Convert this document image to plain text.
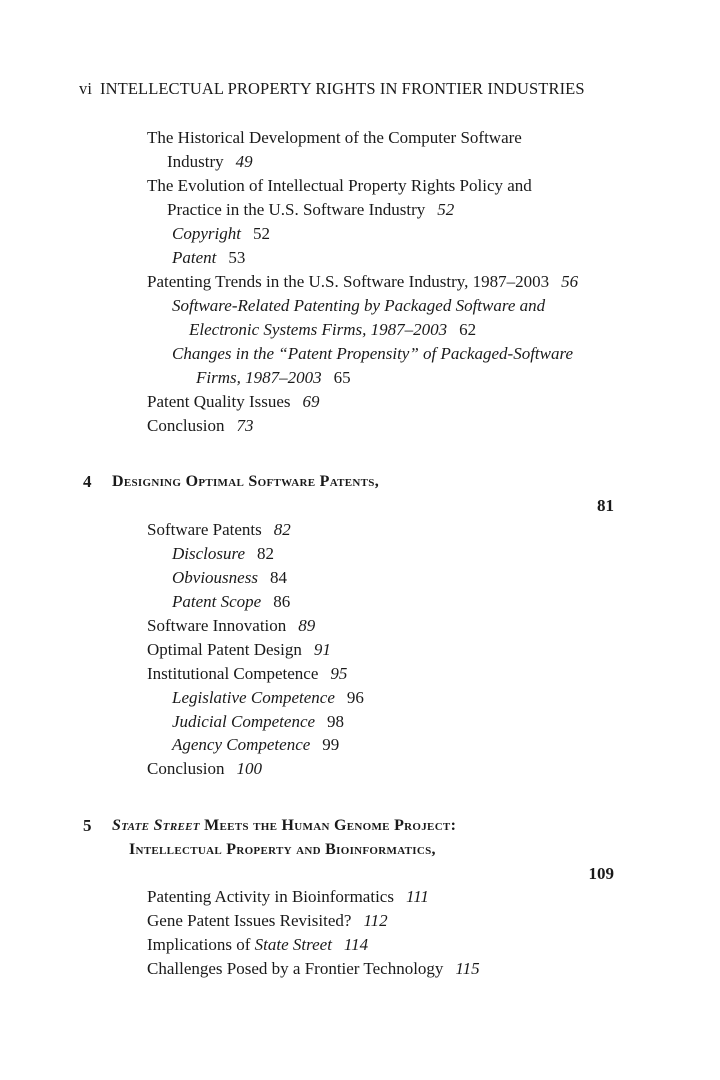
vi INTELLECTUAL PROPERTY RIGHTS IN FRONTIER INDUSTRIES
The Historical Development of the Computer Software
Industry 49
The Evolution of Intellectual Property Rights Policy and
Practice in the U.S. Software Industry 52
Copyright 52
Patent 53
Patenting Trends in the U.S. Software Industry, 1987–2003 56
Software-Related Patenting by Packaged Software and
Electronic Systems Firms, 1987–2003 62
Changes in the “Patent Propensity” of Packaged-Software
Firms, 1987–2003 65
Patent Quality Issues 69
Conclusion 73
4 Designing Optimal Software Patents,
81
Software Patents 82
Disclosure 82
Obviousness 84
Patent Scope 86
Software Innovation 89
Optimal Patent Design 91
Institutional Competence 95
Legislative Competence 96
Judicial Competence 98
Agency Competence 99
Conclusion 100
5 State Street Meets the Human Genome Project:
Intellectual Property and Bioinformatics,
109
Patenting Activity in Bioinformatics 111
Gene Patent Issues Revisited? 112
Implications of State Street 114
Challenges Posed by a Frontier Technology 115
